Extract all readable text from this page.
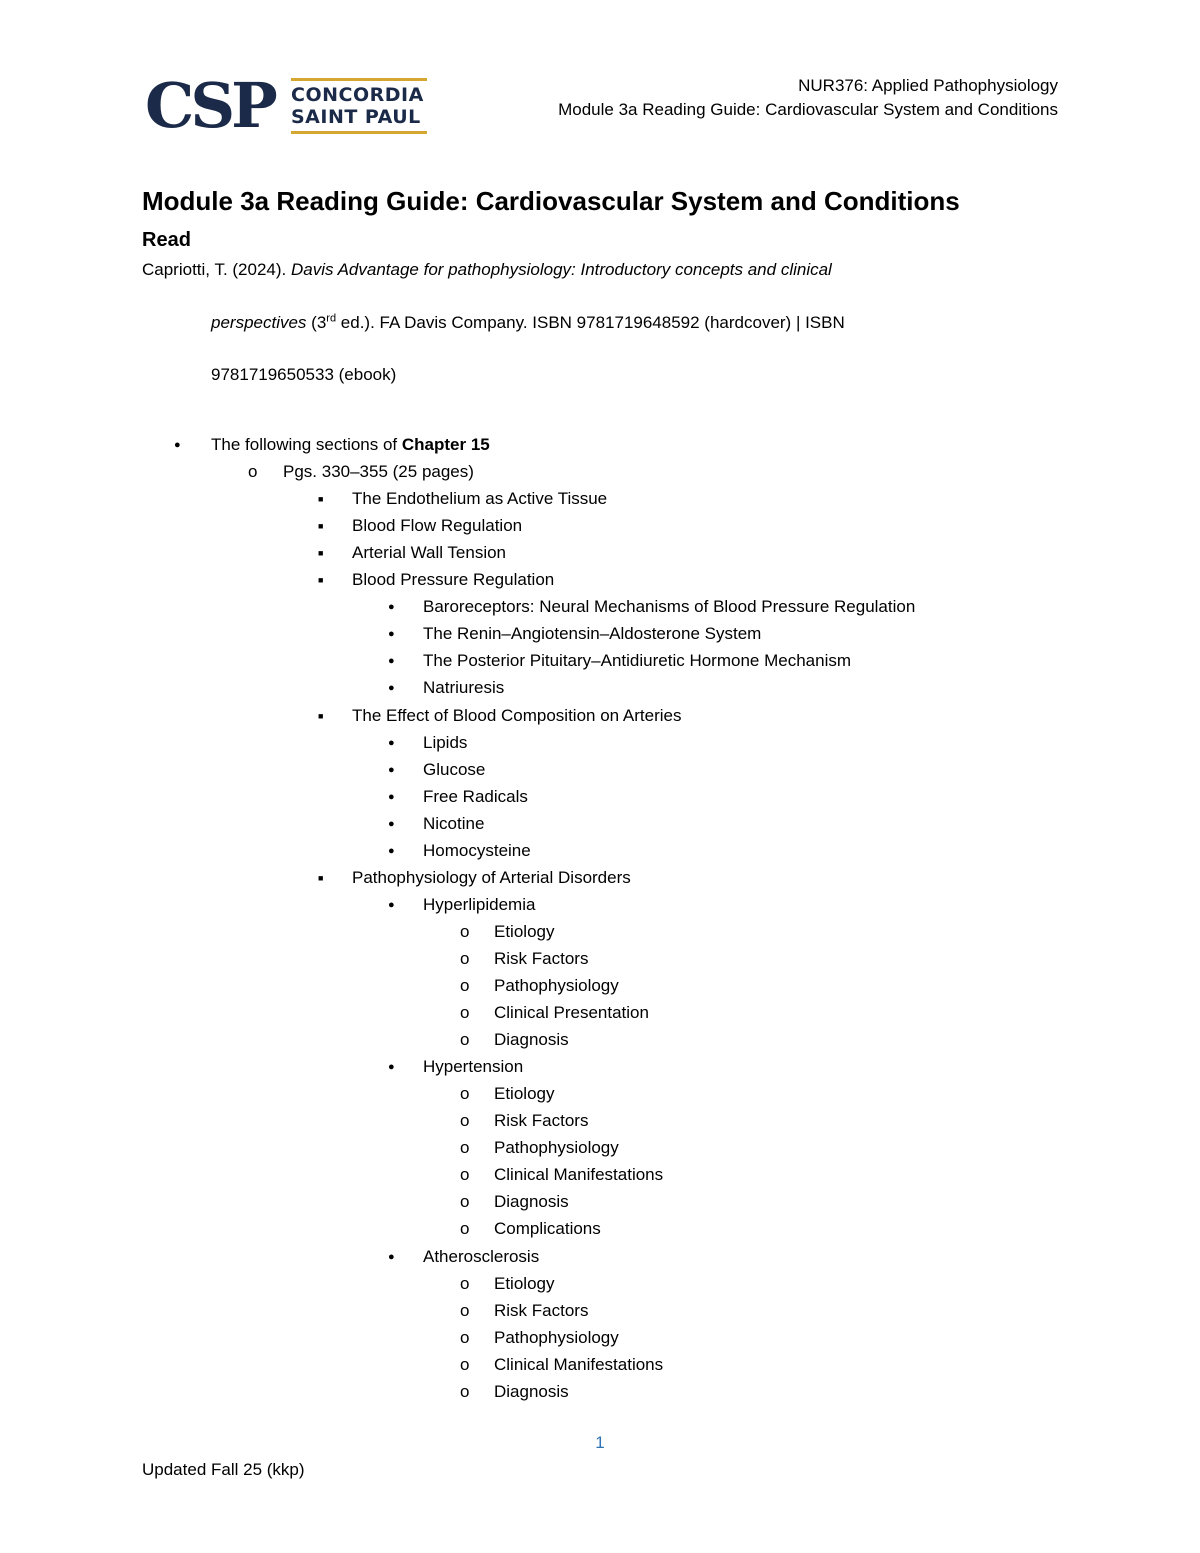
CSP CONCORDIA
SAINT PAUL
NUR376: Applied Pathophysiology
Module 3a Reading Guide: Cardiovascular System and Conditions
Module 3a Reading Guide: Cardiovascular System and Conditions
Read
Capriotti, T. (2024). Davis Advantage for pathophysiology: Introductory concepts and clinical
perspectives (3rd ed.). FA Davis Company. ISBN 9781719648592 (hardcover) | ISBN
9781719650533 (ebook)
● The following sections of Chapter 15
o Pgs. 330–355 (25 pages)
■ The Endothelium as Active Tissue
■ Blood Flow Regulation
■ Arterial Wall Tension
■ Blood Pressure Regulation
● Baroreceptors: Neural Mechanisms of Blood Pressure Regulation
● The Renin–Angiotensin–Aldosterone System
● The Posterior Pituitary–Antidiuretic Hormone Mechanism
● Natriuresis
■ The Effect of Blood Composition on Arteries
● Lipids
● Glucose
● Free Radicals
● Nicotine
● Homocysteine
■ Pathophysiology of Arterial Disorders
● Hyperlipidemia
o Etiology
o Risk Factors
o Pathophysiology
o Clinical Presentation
o Diagnosis
● Hypertension
o Etiology
o Risk Factors
o Pathophysiology
o Clinical Manifestations
o Diagnosis
o Complications
● Atherosclerosis
o Etiology
o Risk Factors
o Pathophysiology
o Clinical Manifestations
o Diagnosis
1
Updated Fall 25 (kkp)
